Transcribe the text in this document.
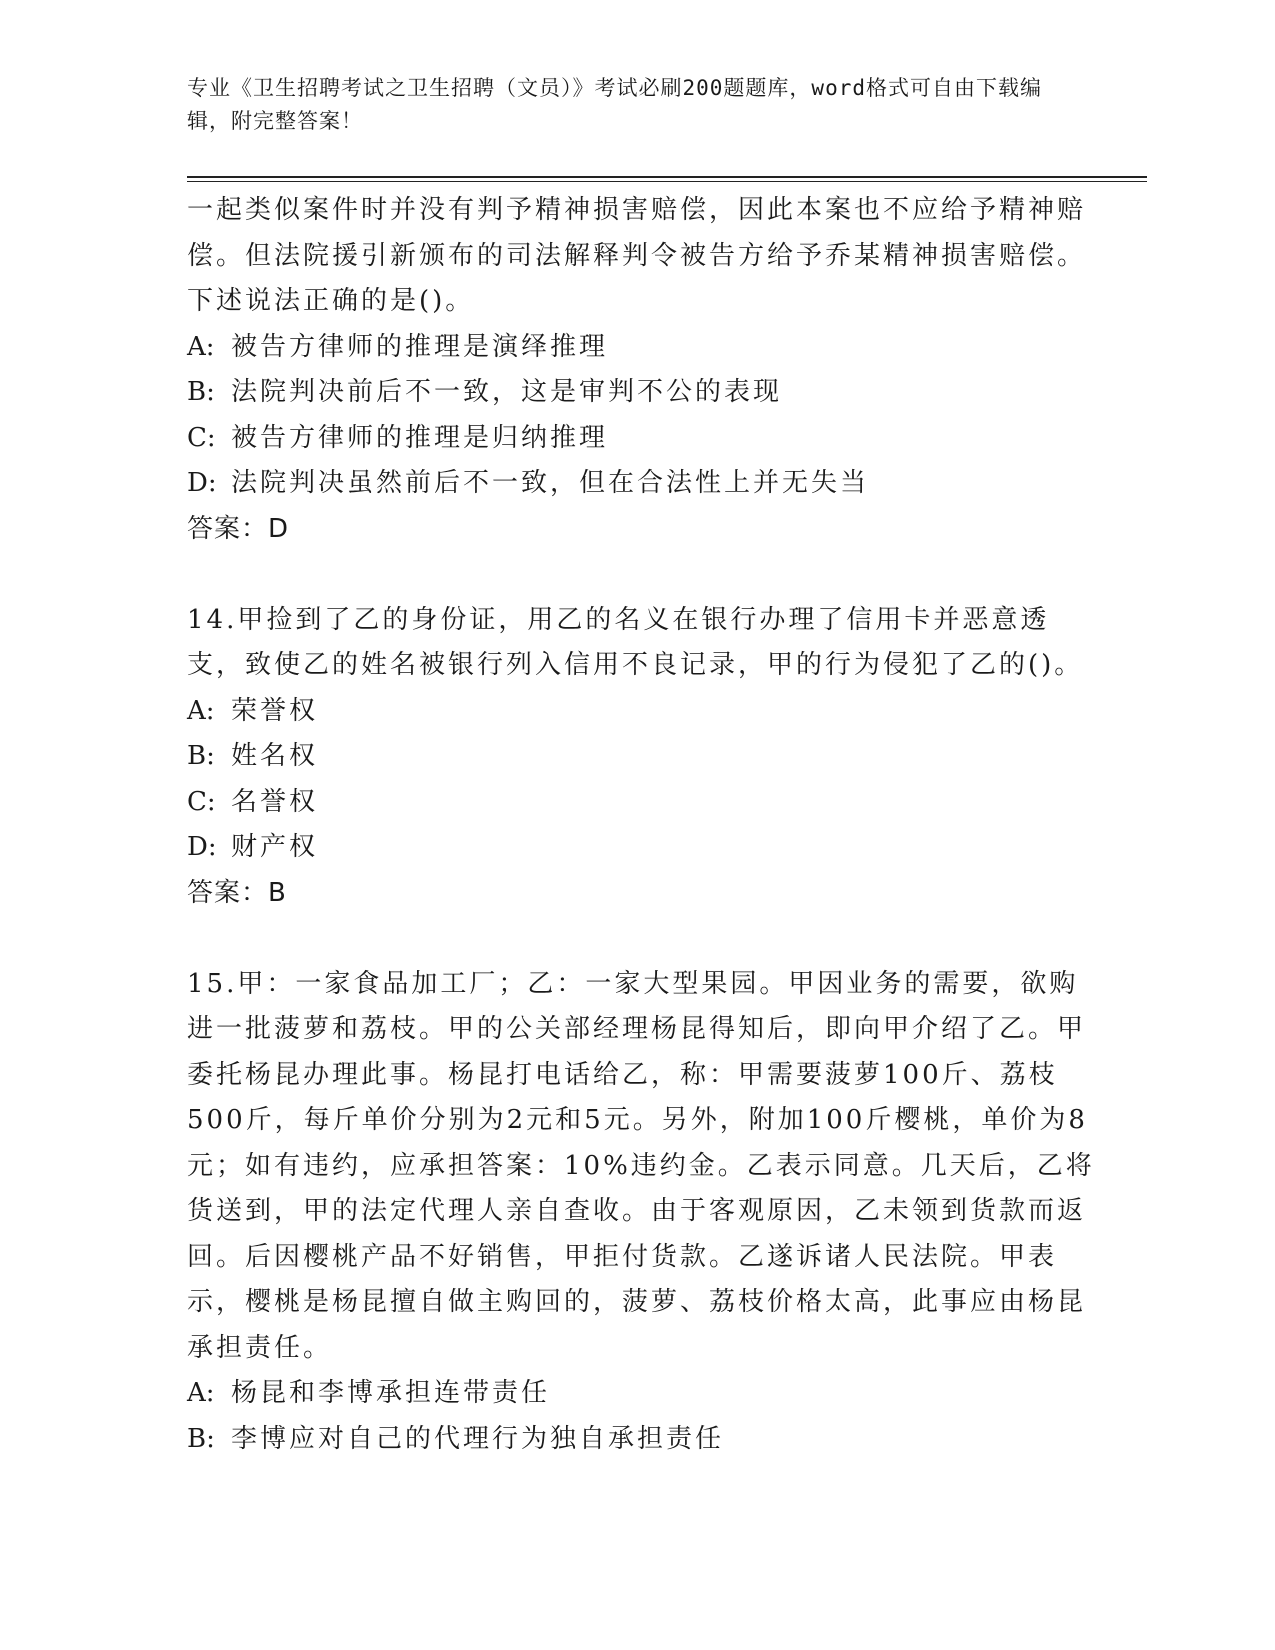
专业《卫生招聘考试之卫生招聘（文员）》考试必刷200题题库，word格式可自由下载编辑，附完整答案！

一起类似案件时并没有判予精神损害赔偿，因此本案也不应给予精神赔偿。但法院援引新颁布的司法解释判令被告方给予乔某精神损害赔偿。下述说法正确的是()。

A: 被告方律师的推理是演绎推理

B: 法院判决前后不一致，这是审判不公的表现

C: 被告方律师的推理是归纳推理

D: 法院判决虽然前后不一致，但在合法性上并无失当

答案：D

14.甲捡到了乙的身份证，用乙的名义在银行办理了信用卡并恶意透支，致使乙的姓名被银行列入信用不良记录，甲的行为侵犯了乙的()。

A: 荣誉权

B: 姓名权

C: 名誉权

D: 财产权

答案：B

15.甲：一家食品加工厂；乙：一家大型果园。甲因业务的需要，欲购进一批菠萝和荔枝。甲的公关部经理杨昆得知后，即向甲介绍了乙。甲委托杨昆办理此事。杨昆打电话给乙，称：甲需要菠萝100斤、荔枝500斤，每斤单价分别为2元和5元。另外，附加100斤樱桃，单价为8元；如有违约，应承担答案：10%违约金。乙表示同意。几天后，乙将货送到，甲的法定代理人亲自查收。由于客观原因，乙未领到货款而返回。后因樱桃产品不好销售，甲拒付货款。乙遂诉诸人民法院。甲表示，樱桃是杨昆擅自做主购回的，菠萝、荔枝价格太高，此事应由杨昆承担责任。

A: 杨昆和李博承担连带责任

B: 李博应对自己的代理行为独自承担责任
